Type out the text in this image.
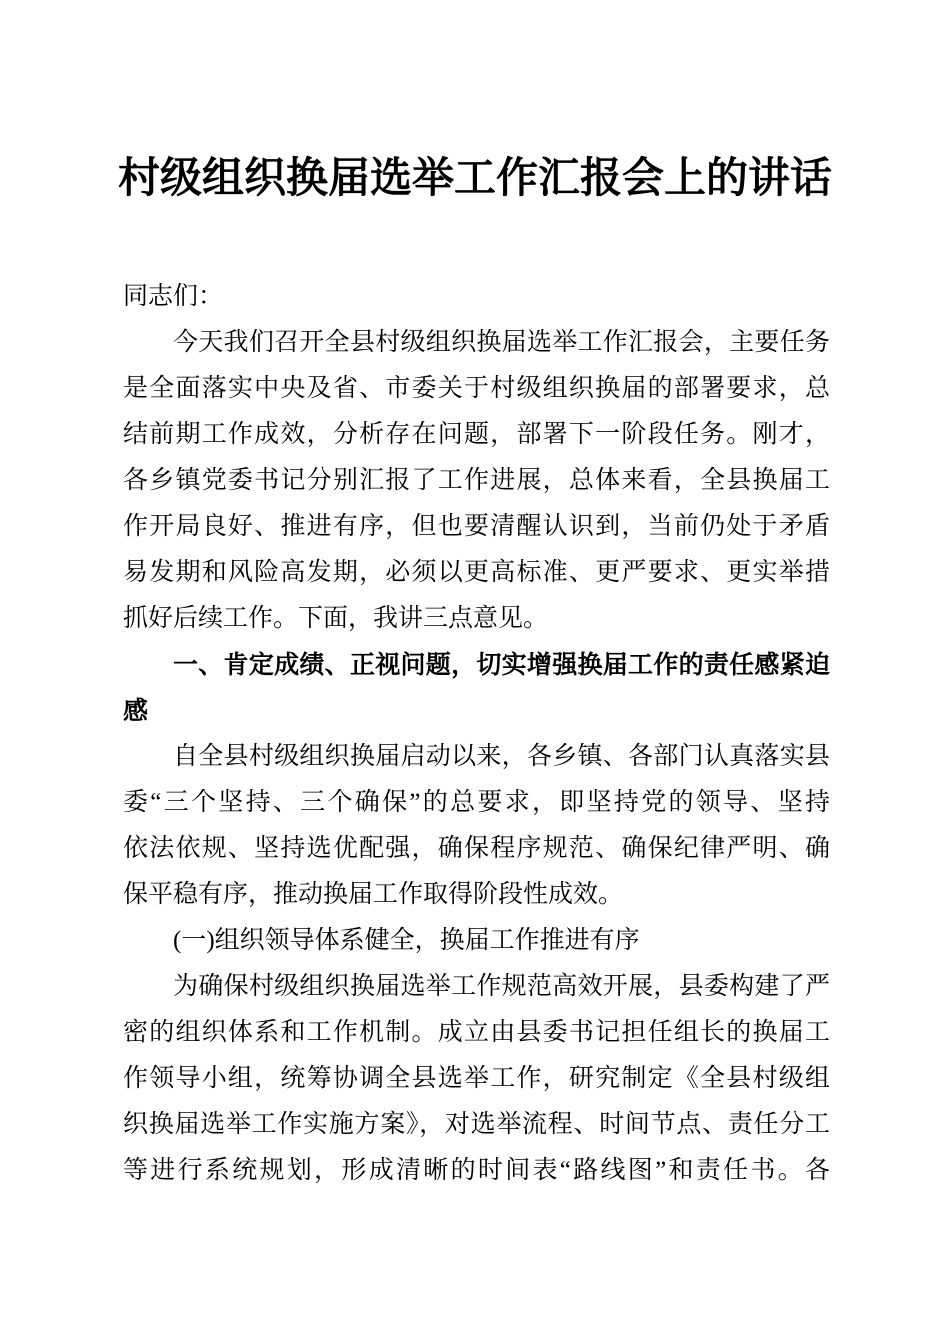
村级组织换届选举工作汇报会上的讲话
同志们：
今天我们召开全县村级组织换届选举工作汇报会，主要任务
是全面落实中央及省、市委关于村级组织换届的部署要求，总
结前期工作成效，分析存在问题，部署下一阶段任务。刚才，
各乡镇党委书记分别汇报了工作进展，总体来看，全县换届工
作开局良好、推进有序，但也要清醒认识到，当前仍处于矛盾
易发期和风险高发期，必须以更高标准、更严要求、更实举措
抓好后续工作。下面，我讲三点意见。
一、肯定成绩、正视问题，切实增强换届工作的责任感紧迫
感
自全县村级组织换届启动以来，各乡镇、各部门认真落实县
委“三个坚持、三个确保”的总要求，即坚持党的领导、坚持
依法依规、坚持选优配强，确保程序规范、确保纪律严明、确
保平稳有序，推动换届工作取得阶段性成效。
(一)组织领导体系健全，换届工作推进有序
为确保村级组织换届选举工作规范高效开展，县委构建了严
密的组织体系和工作机制。成立由县委书记担任组长的换届工
作领导小组，统筹协调全县选举工作，研究制定《全县村级组
织换届选举工作实施方案》，对选举流程、时间节点、责任分工
等进行系统规划，形成清晰的时间表“路线图”和责任书。各
